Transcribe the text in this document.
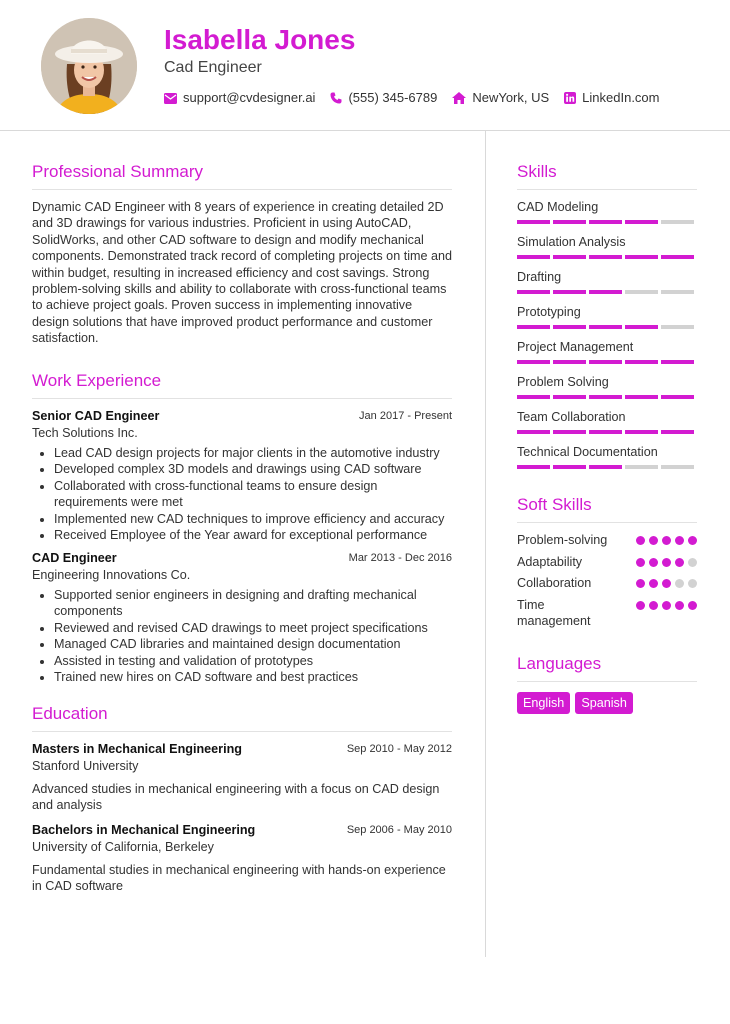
Isabella Jones
Cad Engineer
support@cvdesigner.ai	(555) 345-6789	NewYork, US	LinkedIn.com
Professional Summary

Dynamic CAD Engineer with 8 years of experience in creating detailed 2D and 3D drawings for various industries. Proficient in using AutoCAD, SolidWorks, and other CAD software to design and modify mechanical components. Demonstrated track record of completing projects on time and within budget, resulting in increased efficiency and cost savings. Strong problem-solving skills and ability to collaborate with cross-functional teams to achieve project goals. Proven success in implementing innovative design solutions that have improved product performance and customer satisfaction.

Work Experience
Senior CAD Engineer	Jan 2017 - Present
Tech Solutions Inc.
• Lead CAD design projects for major clients in the automotive industry
• Developed complex 3D models and drawings using CAD software
• Collaborated with cross-functional teams to ensure design requirements were met
• Implemented new CAD techniques to improve efficiency and accuracy
• Received Employee of the Year award for exceptional performance
CAD Engineer	Mar 2013 - Dec 2016
Engineering Innovations Co.
• Supported senior engineers in designing and drafting mechanical components
• Reviewed and revised CAD drawings to meet project specifications
• Managed CAD libraries and maintained design documentation
• Assisted in testing and validation of prototypes
• Trained new hires on CAD software and best practices
Education
Masters in Mechanical Engineering	Sep 2010 - May 2012
Stanford University
Advanced studies in mechanical engineering with a focus on CAD design and analysis
Bachelors in Mechanical Engineering	Sep 2006 - May 2010
University of California, Berkeley
Fundamental studies in mechanical engineering with hands-on experience in CAD software
Skills
CAD Modeling
Simulation Analysis
Drafting
Prototyping
Project Management
Problem Solving
Team Collaboration
Technical Documentation
Soft Skills
Problem-solving
Adaptability
Collaboration
Time management
Languages
English	Spanish
